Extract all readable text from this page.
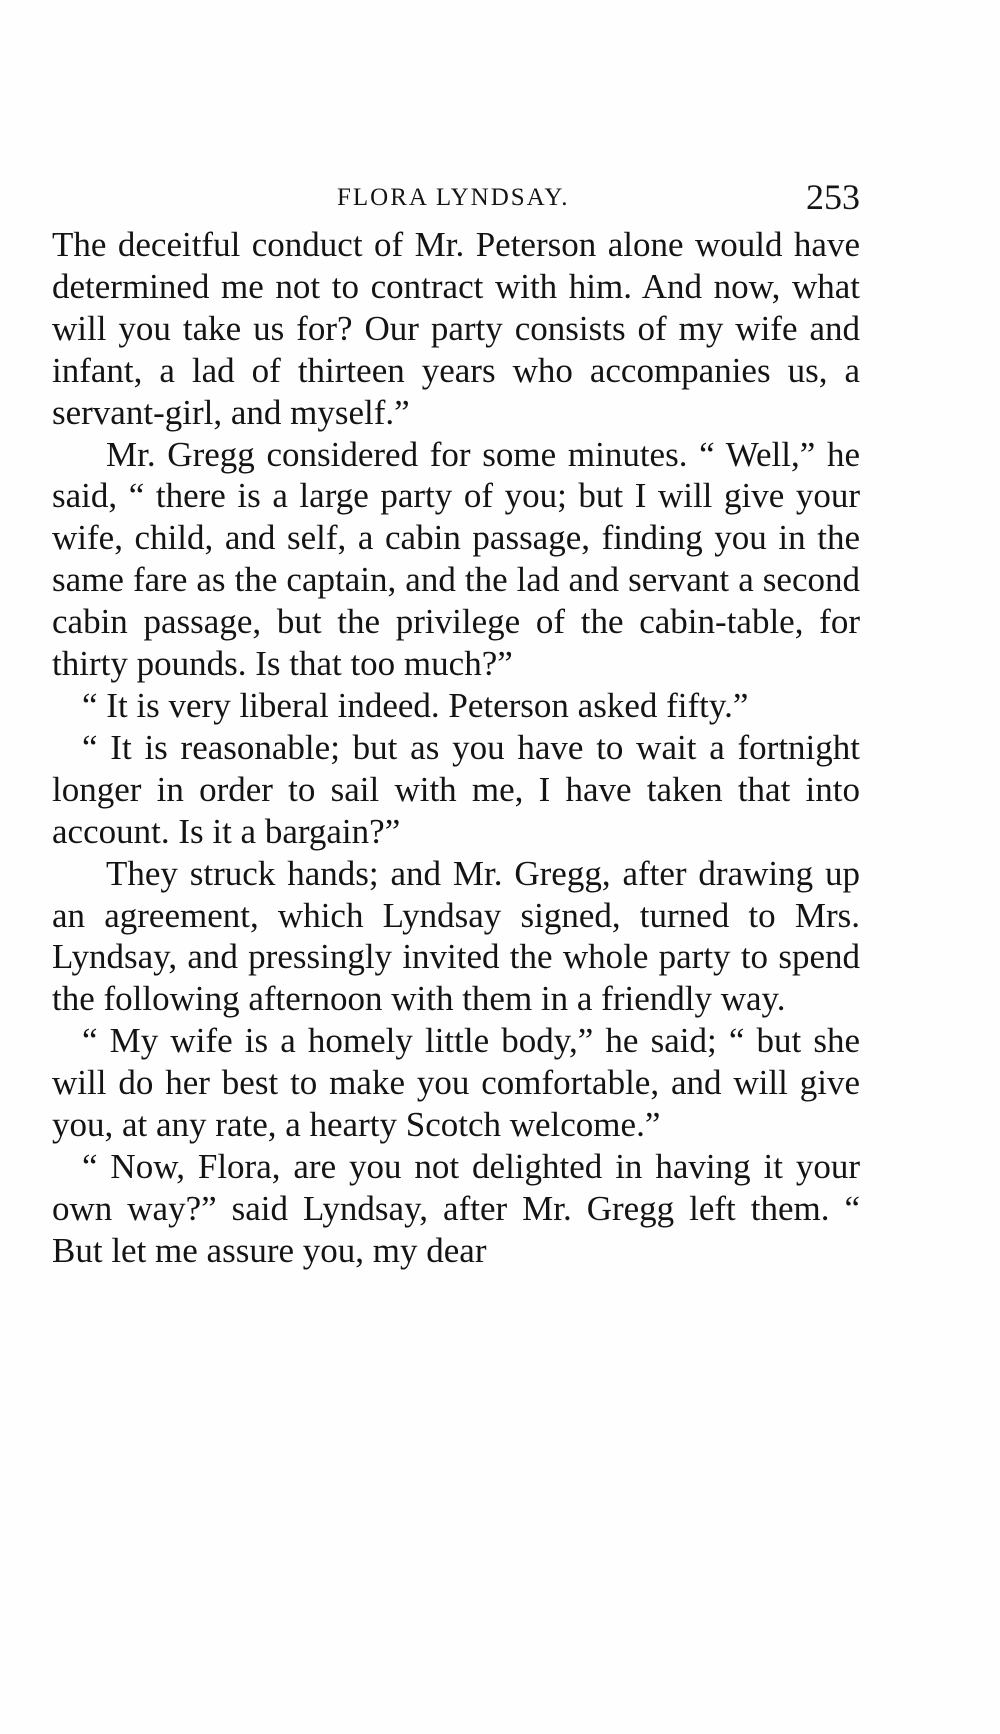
FLORA LYNDSAY.	253

The deceitful conduct of Mr. Peterson alone would have determined me not to contract with him. And now, what will you take us for? Our party consists of my wife and infant, a lad of thirteen years who accompanies us, a servant-girl, and myself.”

Mr. Gregg considered for some minutes. “ Well,” he said, “ there is a large party of you; but I will give your wife, child, and self, a cabin passage, finding you in the same fare as the captain, and the lad and servant a second cabin passage, but the privilege of the cabin-table, for thirty pounds. Is that too much?”

“ It is very liberal indeed. Peterson asked fifty.”

“ It is reasonable; but as you have to wait a fortnight longer in order to sail with me, I have taken that into account. Is it a bargain?”

They struck hands; and Mr. Gregg, after drawing up an agreement, which Lyndsay signed, turned to Mrs. Lyndsay, and pressingly invited the whole party to spend the following afternoon with them in a friendly way.

“ My wife is a homely little body,” he said; “ but she will do her best to make you comfortable, and will give you, at any rate, a hearty Scotch welcome.”

“ Now, Flora, are you not delighted in having it your own way?” said Lyndsay, after Mr. Gregg left them. “ But let me assure you, my dear
